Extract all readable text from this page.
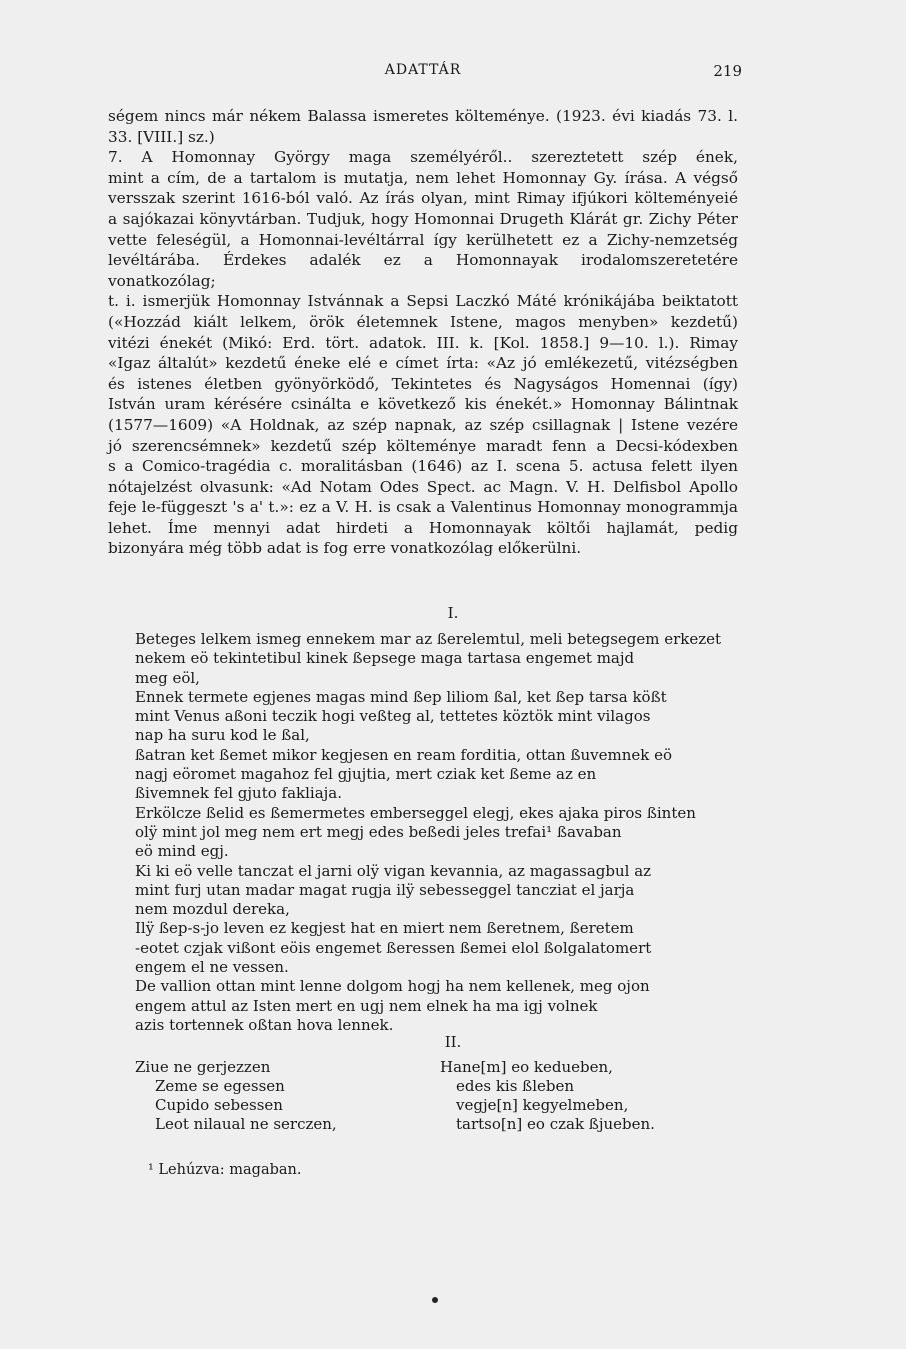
ADATTÁR	219
ségem nincs már nékem Balassa ismeretes költeménye. (1923. évi kiadás 73. l.
33. [VIII.] sz.)
7. A Homonnay György maga személyéről.. szereztetett szép ének,
mint a cím, de a tartalom is mutatja, nem lehet Homonnay Gy. írása. A végső
versszak szerint 1616-ból való. Az írás olyan, mint Rimay ifjúkori költeményeié
a sajókazai könyvtárban. Tudjuk, hogy Homonnai Drugeth Klárát gr. Zichy Péter
vette feleségül, a Homonnai-levéltárral így kerülhetett ez a Zichy-nemzetség
levéltárába. Érdekes adalék ez a Homonnayak irodalomszeretetére vonatkozólag;
t. i. ismerjük Homonnay Istvánnak a Sepsi Laczkó Máté krónikájába beiktatott
(«Hozzád kiált lelkem, örök életemnek Istene, magos menyben» kezdetű)
vitézi énekét (Mikó: Erd. tört. adatok. III. k. [Kol. 1858.] 9—10. l.). Rimay
«Igaz általút» kezdetű éneke elé e címet írta: «Az jó emlékezetű, vitézségben
és istenes életben gyönyörködő, Tekintetes és Nagyságos Homennai (így)
István uram kérésére csinálta e következő kis énekét.» Homonnay Bálintnak
(1577—1609) «A Holdnak, az szép napnak, az szép csillagnak | Istene vezére
jó szerencsémnek» kezdetű szép költeménye maradt fenn a Decsi-kódexben
s a Comico-tragédia c. moralitásban (1646) az I. scena 5. actusa felett ilyen
nótajelzést olvasunk: «Ad Notam Odes Spect. ac Magn. V. H. Delfisbol Apollo
feje le-függeszt 's a' t.»: ez a V. H. is csak a Valentinus Homonnay monogrammja
lehet. Íme mennyi adat hirdeti a Homonnayak költői hajlamát, pedig
bizonyára még több adat is fog erre vonatkozólag előkerülni.
I.
Beteges lelkem ismeg ennekem mar az ßerelemtul, meli betegsegem erkezet
nekem eö tekintetibul kinek ßepsege maga tartasa engemet majd
meg eöl,
Ennek termete egjenes magas mind ßep liliom ßal, ket ßep tarsa kößt
mint Venus aßoni teczik hogi veßteg al, tettetes köztök mint vilagos
nap ha suru kod le ßal,
ßatran ket ßemet mikor kegjesen en ream forditia, ottan ßuvemnek eö
nagj eöromet magahoz fel gjujtia, mert cziak ket ßeme az en
ßivemnek fel gjuto fakliaja.
Erkölcze ßelid es ßemermetes emberseggel elegj, ekes ajaka piros ßinten
olÿ mint jol meg nem ert megj edes beßedi jeles trefai¹ ßavaban
eö mind egj.
Ki ki eö velle tanczat el jarni olÿ vigan kevannia, az magassagbul az
mint furj utan madar magat rugja ilÿ sebesseggel tancziat el jarja
nem mozdul dereka,
Ilÿ ßep-s-jo leven ez kegjest hat en miert nem ßeretnem, ßeretem
-eotet czjak vißont eöis engemet ßeressen ßemei elol ßolgalatomert
engem el ne vessen.
De vallion ottan mint lenne dolgom hogj ha nem kellenek, meg ojon
engem attul az Isten mert en ugj nem elnek ha ma igj volnek
azis tortennek oßtan hova lennek.
II.
Ziue ne gerjezzen
Zeme se egessen
Cupido sebessen
Leot nilaual ne serczen,
Hane[m] eo kedueben,
edes kis ßleben
vegje[n] kegyelmeben,
tartso[n] eo czak ßjueben.
¹ Lehúzva: magaban.
